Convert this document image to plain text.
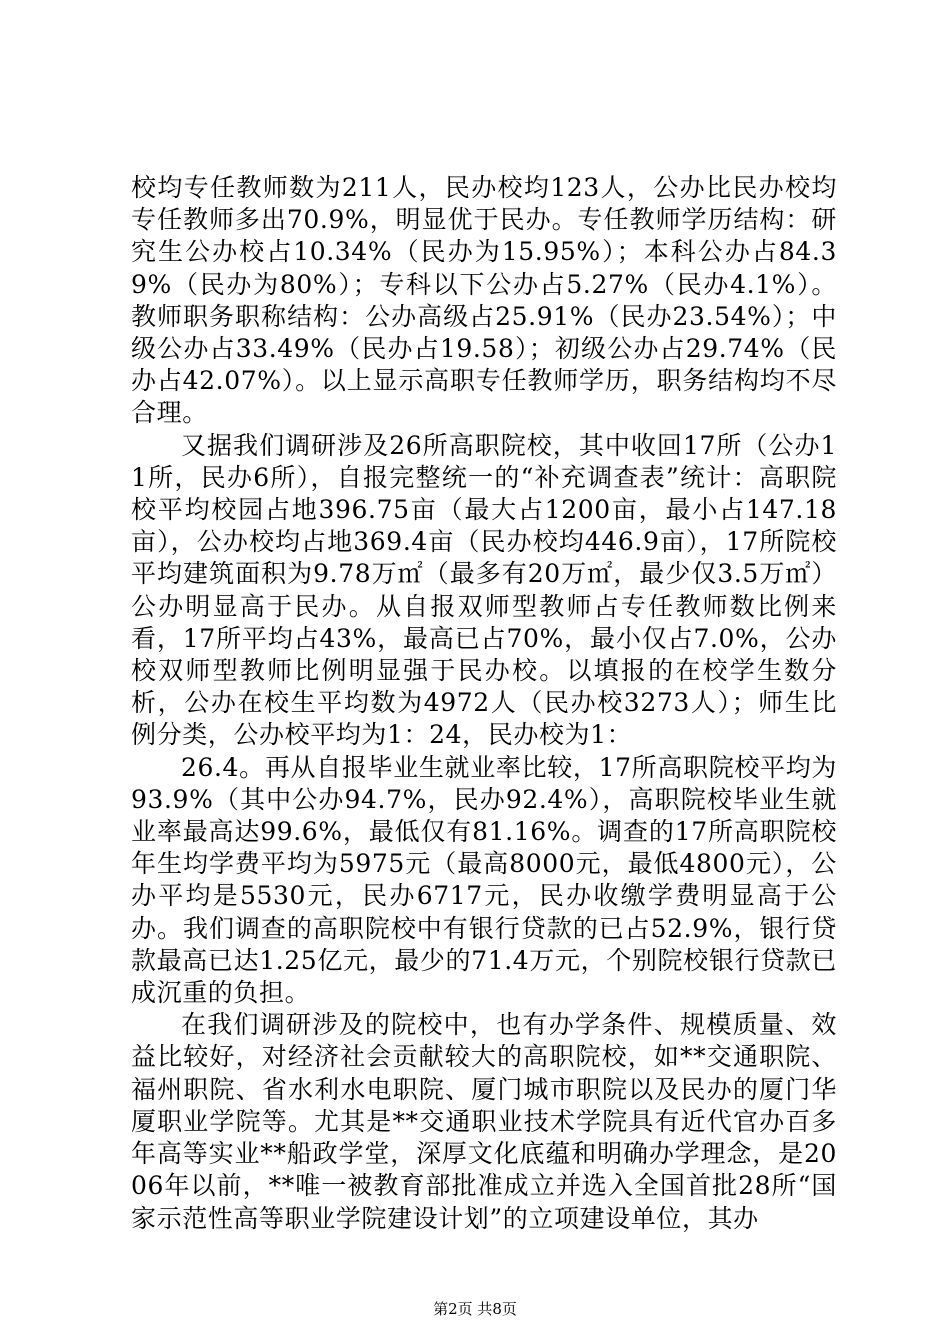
校均专任教师数为211人，民办校均123人，公办比民办校均专任教师多出70.9%，明显优于民办。专任教师学历结构：研究生公办校占10.34%（民办为15.95%）；本科公办占84.39%（民办为80%）；专科以下公办占5.27%（民办4.1%）。教师职务职称结构：公办高级占25.91%（民办23.54%）；中级公办占33.49%（民办占19.58）；初级公办占29.74%（民办占42.07%）。以上显示高职专任教师学历，职务结构均不尽合理。

又据我们调研涉及26所高职院校，其中收回17所（公办11所，民办6所），自报完整统一的“补充调查表”统计：高职院校平均校园占地396.75亩（最大占1200亩，最小占147.18亩），公办校均占地369.4亩（民办校均446.9亩），17所院校平均建筑面积为9.78万㎡（最多有20万㎡，最少仅3.5万㎡）公办明显高于民办。从自报双师型教师占专任教师数比例来看，17所平均占43%，最高已占70%，最小仅占7.0%，公办校双师型教师比例明显强于民办校。以填报的在校学生数分析，公办在校生平均数为4972人（民办校3273人）；师生比例分类，公办校平均为1：24，民办校为1：

26.4。再从自报毕业生就业率比较，17所高职院校平均为93.9%（其中公办94.7%，民办92.4%），高职院校毕业生就业率最高达99.6%，最低仅有81.16%。调查的17所高职院校年生均学费平均为5975元（最高8000元，最低4800元），公办平均是5530元，民办6717元，民办收缴学费明显高于公办。我们调查的高职院校中有银行贷款的已占52.9%，银行贷款最高已达1.25亿元，最少的71.4万元，个别院校银行贷款已成沉重的负担。

在我们调研涉及的院校中，也有办学条件、规模质量、效益比较好，对经济社会贡献较大的高职院校，如**交通职院、福州职院、省水利水电职院、厦门城市职院以及民办的厦门华厦职业学院等。尤其是**交通职业技术学院具有近代官办百多年高等实业**船政学堂，深厚文化底蕴和明确办学理念，是2006年以前，**唯一被教育部批准成立并选入全国首批28所“国家示范性高等职业学院建设计划”的立项建设单位，其办

第2页 共8页
